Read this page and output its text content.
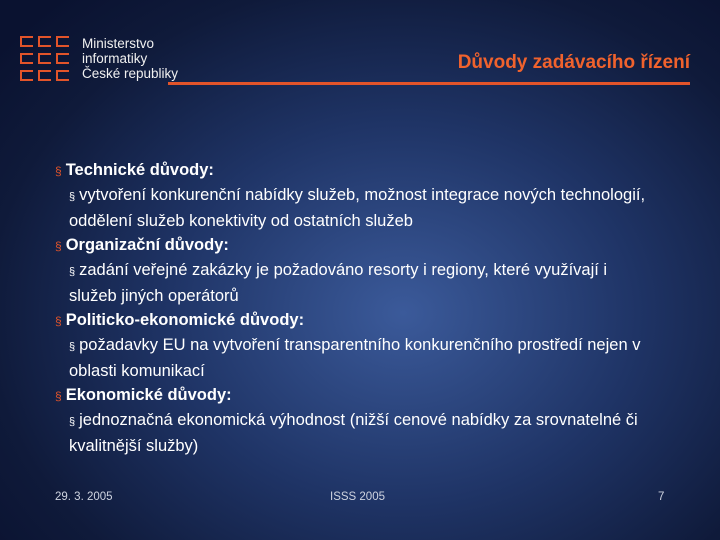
Ministerstvo
informatiky
České republiky
Důvody zadávacího řízení
§ Technické důvody:
§ vytvoření konkurenční nabídky služeb, možnost integrace nových technologií, oddělení služeb konektivity od ostatních služeb
§ Organizační důvody:
§ zadání veřejné zakázky je požadováno resorty i regiony, které využívají i služeb jiných operátorů
§ Politicko-ekonomické důvody:
§ požadavky EU na vytvoření transparentního konkurenčního prostředí nejen v oblasti komunikací
§ Ekonomické důvody:
§ jednoznačná ekonomická výhodnost (nižší cenové nabídky za srovnatelné či kvalitnější služby)
29. 3. 2005	ISSS 2005	7
